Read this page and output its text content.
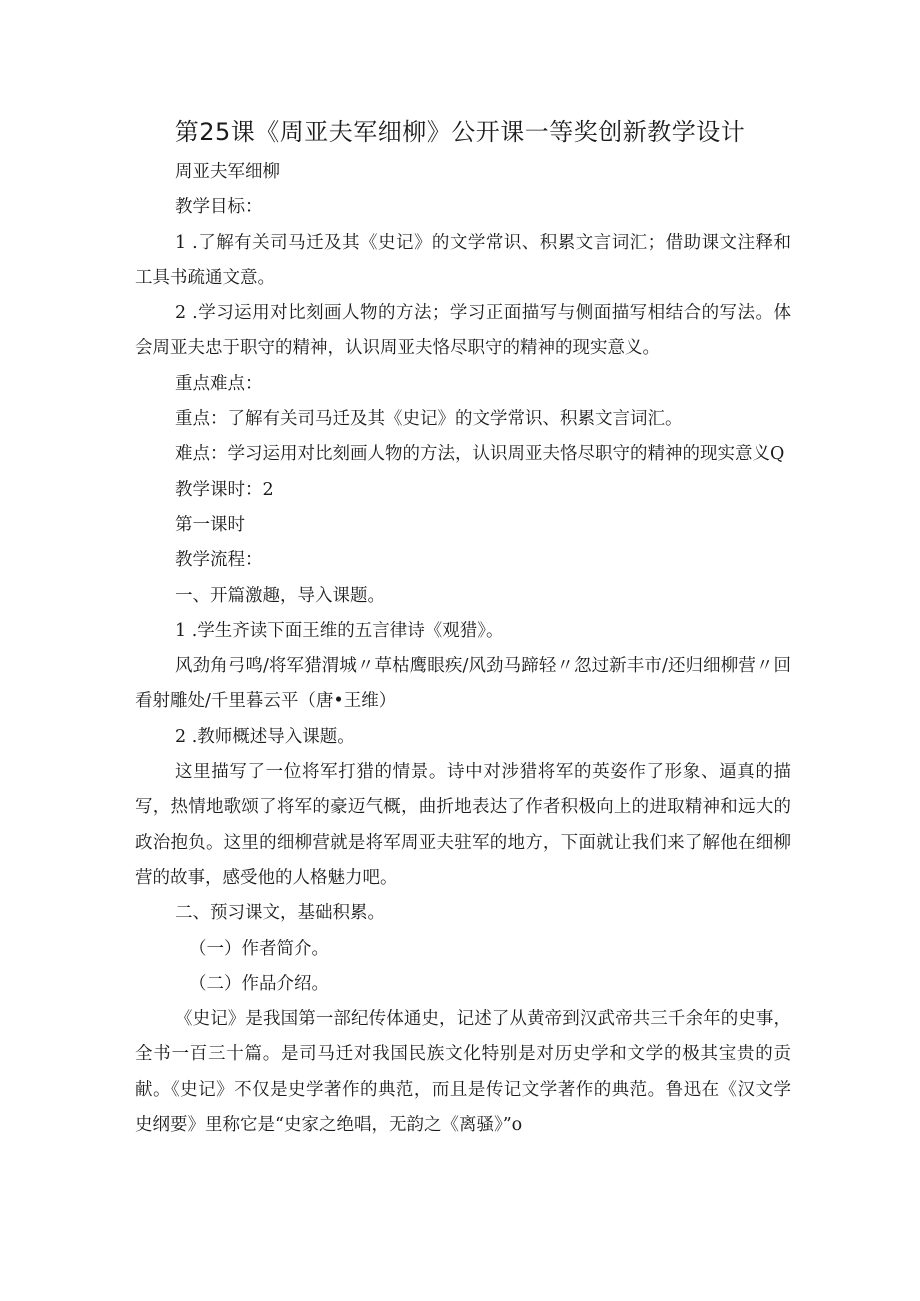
第25课《周亚夫军细柳》公开课一等奖创新教学设计

周亚夫军细柳

教学目标：

1 .了解有关司马迁及其《史记》的文学常识、积累文言词汇；借助课文注释和工具书疏通文意。

2 .学习运用对比刻画人物的方法；学习正面描写与侧面描写相结合的写法。体会周亚夫忠于职守的精神，认识周亚夫恪尽职守的精神的现实意义。

重点难点：

重点：了解有关司马迁及其《史记》的文学常识、积累文言词汇。

难点：学习运用对比刻画人物的方法，认识周亚夫恪尽职守的精神的现实意义Q

教学课时：2

第一课时

教学流程：

一、开篇激趣，导入课题。

1 .学生齐读下面王维的五言律诗《观猎》。

风劲角弓鸣/将军猎渭城〃草枯鹰眼疾/风劲马蹄轻〃忽过新丰市/还归细柳营〃回看射雕处/千里暮云平（唐•王维）

2 .教师概述导入课题。

这里描写了一位将军打猎的情景。诗中对涉猎将军的英姿作了形象、逼真的描写，热情地歌颂了将军的豪迈气概，曲折地表达了作者积极向上的进取精神和远大的政治抱负。这里的细柳营就是将军周亚夫驻军的地方，下面就让我们来了解他在细柳营的故事，感受他的人格魅力吧。

二、预习课文，基础积累。

（一）作者简介。

（二）作品介绍。

《史记》是我国第一部纪传体通史，记述了从黄帝到汉武帝共三千余年的史事，全书一百三十篇。是司马迁对我国民族文化特别是对历史学和文学的极其宝贵的贡献。《史记》不仅是史学著作的典范，而且是传记文学著作的典范。鲁迅在《汉文学史纲要》里称它是“史家之绝唱，无韵之《离骚》”o
